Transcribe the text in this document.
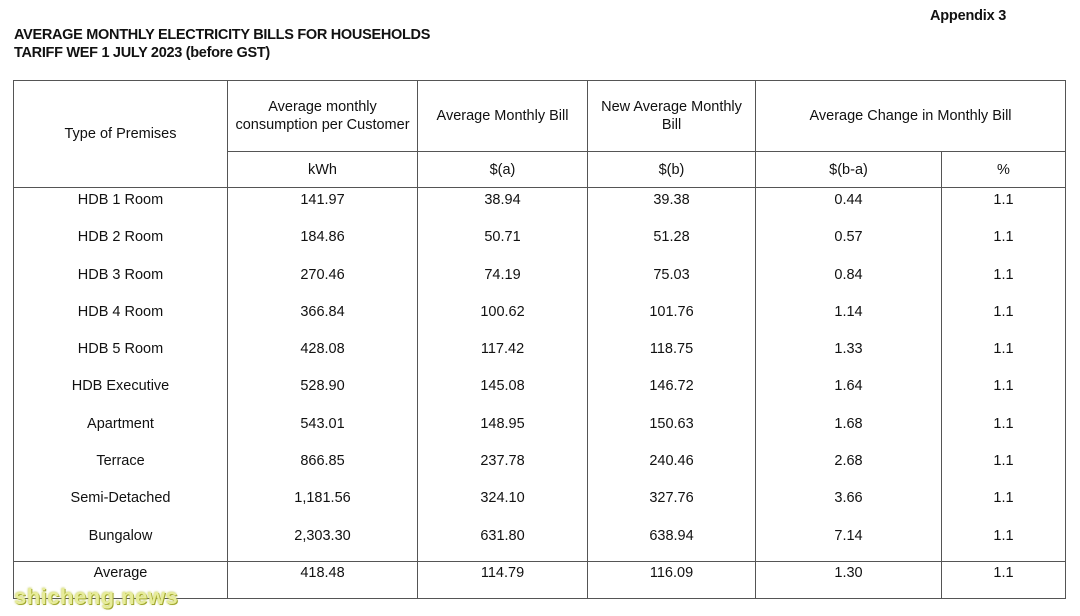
Appendix 3
AVERAGE MONTHLY ELECTRICITY BILLS FOR HOUSEHOLDS
TARIFF WEF 1 JULY 2023 (before GST)
Type of Premises	Average monthly consumption per Customer	Average Monthly Bill	New Average Monthly Bill	Average Change in Monthly Bill	
	kWh	$(a)	$(b)	$(b-a)	%
HDB 1 Room	141.97	38.94	39.38	0.44	1.1
HDB 2 Room	184.86	50.71	51.28	0.57	1.1
HDB 3 Room	270.46	74.19	75.03	0.84	1.1
HDB 4 Room	366.84	100.62	101.76	1.14	1.1
HDB 5 Room	428.08	117.42	118.75	1.33	1.1
HDB Executive	528.90	145.08	146.72	1.64	1.1
Apartment	543.01	148.95	150.63	1.68	1.1
Terrace	866.85	237.78	240.46	2.68	1.1
Semi-Detached	1,181.56	324.10	327.76	3.66	1.1
Bungalow	2,303.30	631.80	638.94	7.14	1.1
Average	418.48	114.79	116.09	1.30	1.1
shicheng.news
